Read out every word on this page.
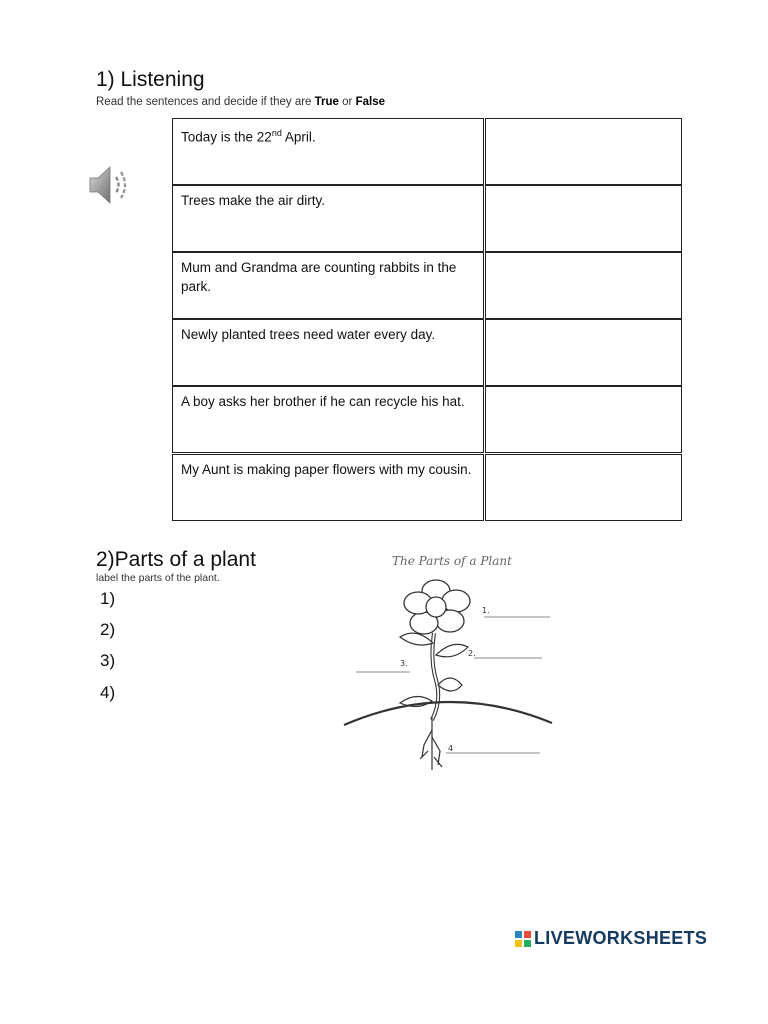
1) Listening
Read the sentences and decide if they are True or False
Today is the 22nd April.
Trees make the air dirty.
Mum and Grandma are counting rabbits in the park.
Newly planted trees need water every day.
A boy asks her brother if he can recycle his hat.
My Aunt is making paper flowers with my cousin.
2)Parts of a plant
label the parts of the plant.
1)
2)
3)
4)
The Parts of a Plant
1.
2.
3.
4
LIVEWORKSHEETS
